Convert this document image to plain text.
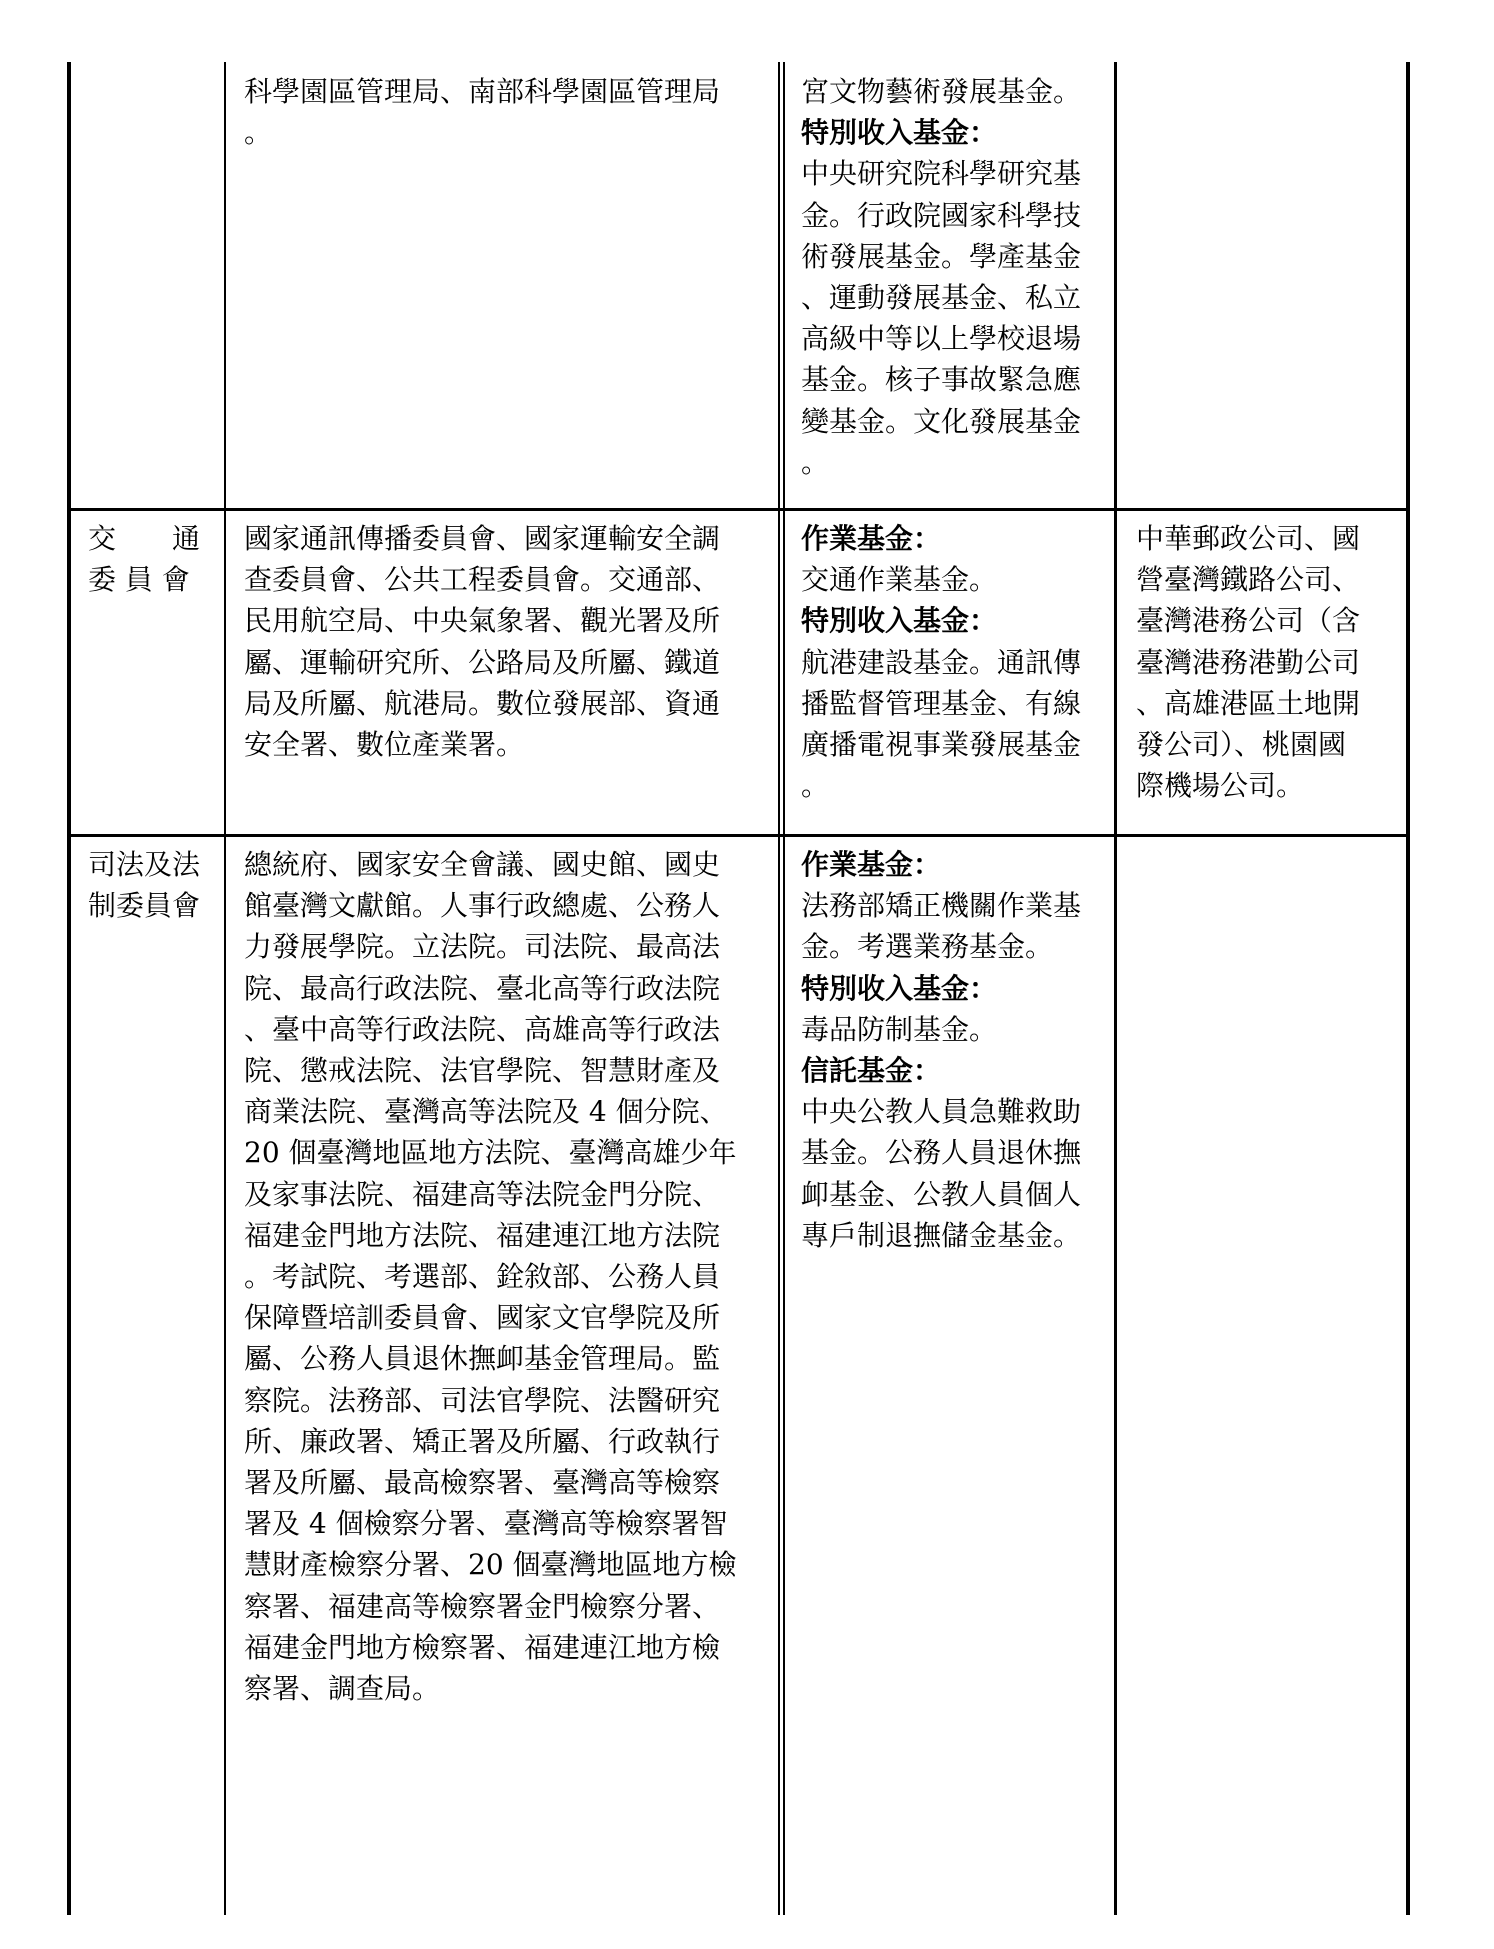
科學園區管理局、南部科學園區管理局

。

宮文物藝術發展基金。

特別收入基金：

中央研究院科學研究基

金。行政院國家科學技

術發展基金。學產基金

、運動發展基金、私立

高級中等以上學校退場

基金。核子事故緊急應

變基金。文化發展基金

。

交　　通

委 員 會

國家通訊傳播委員會、國家運輸安全調

查委員會、公共工程委員會。交通部、

民用航空局、中央氣象署、觀光署及所

屬、運輸研究所、公路局及所屬、鐵道

局及所屬、航港局。數位發展部、資通

安全署、數位產業署。

作業基金：

交通作業基金。

特別收入基金：

航港建設基金。通訊傳

播監督管理基金、有線

廣播電視事業發展基金

。

中華郵政公司、國

營臺灣鐵路公司、

臺灣港務公司（含

臺灣港務港勤公司

、高雄港區土地開

發公司）、桃園國

際機場公司。

司法及法

制委員會

總統府、國家安全會議、國史館、國史

館臺灣文獻館。人事行政總處、公務人

力發展學院。立法院。司法院、最高法

院、最高行政法院、臺北高等行政法院

、臺中高等行政法院、高雄高等行政法

院、懲戒法院、法官學院、智慧財產及

商業法院、臺灣高等法院及 4 個分院、

20 個臺灣地區地方法院、臺灣高雄少年

及家事法院、福建高等法院金門分院、

福建金門地方法院、福建連江地方法院

。考試院、考選部、銓敘部、公務人員

保障暨培訓委員會、國家文官學院及所

屬、公務人員退休撫卹基金管理局。監

察院。法務部、司法官學院、法醫研究

所、廉政署、矯正署及所屬、行政執行

署及所屬、最高檢察署、臺灣高等檢察

署及 4 個檢察分署、臺灣高等檢察署智

慧財產檢察分署、20 個臺灣地區地方檢

察署、福建高等檢察署金門檢察分署、

福建金門地方檢察署、福建連江地方檢

察署、調查局。

作業基金：

法務部矯正機關作業基

金。考選業務基金。

特別收入基金：

毒品防制基金。

信託基金：

中央公教人員急難救助

基金。公務人員退休撫

卹基金、公教人員個人

專戶制退撫儲金基金。
